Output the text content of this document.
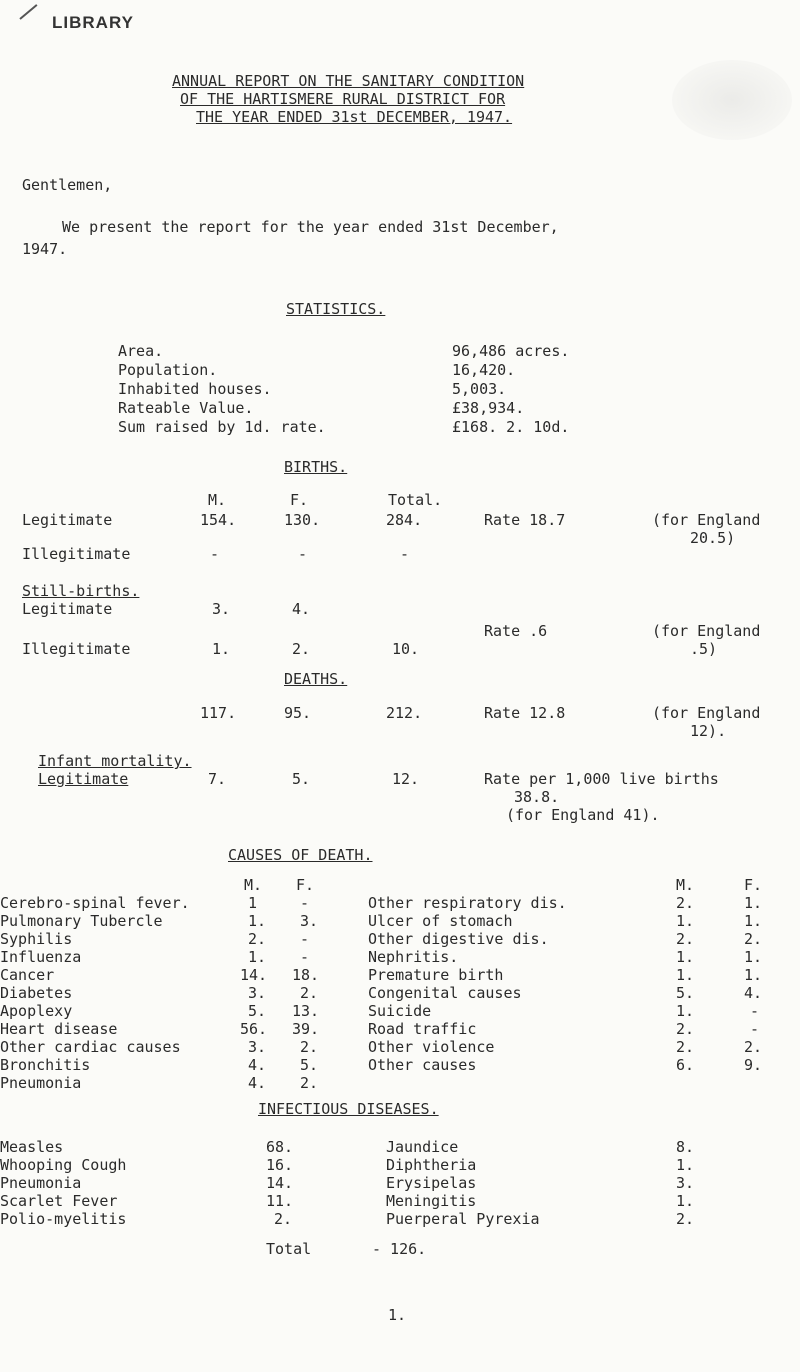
LIBRARY
ANNUAL REPORT ON THE SANITARY CONDITION
OF THE HARTISMERE RURAL DISTRICT FOR
THE YEAR ENDED 31st DECEMBER, 1947.
Gentlemen,
We present the report for the year ended 31st December,
1947.
STATISTICS.
Area.	96,486 acres.
Population.	16,420.
Inhabited houses.	5,003.
Rateable Value.	£38,934.
Sum raised by 1d. rate.	£168. 2. 10d.
BIRTHS.
M.	F.	Total.
Legitimate	154.	130.	284.	Rate 18.7	(for England
20.5)
Illegitimate	-	-	-
Still-births.
Legitimate	3.	4.
Rate .6	(for England
Illegitimate	1.	2.	10.	.5)
DEATHS.
117.	95.	212.	Rate 12.8	(for England
12).
Infant mortality.
Legitimate	7.	5.	12.	Rate per 1,000 live births
38.8.
(for England 41).
CAUSES OF DEATH.
M. F.	M.	F.
Cerebro-spinal fever.	1	-
Pulmonary Tubercle	1. 3.
Syphilis	2. -
Influenza	1. -
Cancer	14. 18.
Diabetes	3. 2.
Apoplexy	5. 13.
Heart disease	56. 39.
Other cardiac causes	3. 2.
Bronchitis	4. 5.
Pneumonia	4. 2.
Other respiratory dis.	2.	1.
Ulcer of stomach	1.	1.
Other digestive dis.	2.	2.
Nephritis.	1.	1.
Premature birth	1.	1.
Congenital causes	5.	4.
Suicide	1.	-
Road traffic	2.	-
Other violence	2.	2.
Other causes	6.	9.
INFECTIOUS DISEASES.
Measles	68.
Whooping Cough	16.
Pneumonia	14.
Scarlet Fever	11.
Polio-myelitis	2.
Jaundice	8.
Diphtheria	1.
Erysipelas	3.
Meningitis	1.
Puerperal Pyrexia	2.
Total	- 126.
1.
